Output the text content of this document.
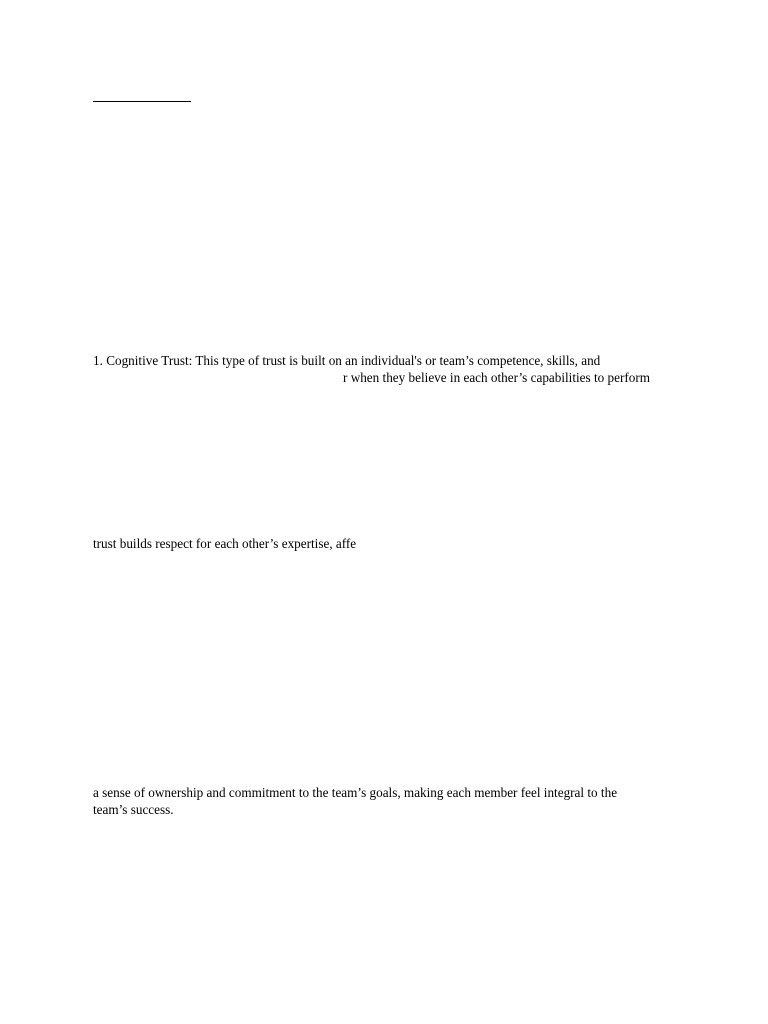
1. Cognitive Trust: This type of trust is built on an individual's or team’s competence, skills, and

r when they believe in each other’s capabilities to perform

trust builds respect for each other’s expertise, affe

a sense of ownership and commitment to the team’s goals, making each member feel integral to the

team’s success.
